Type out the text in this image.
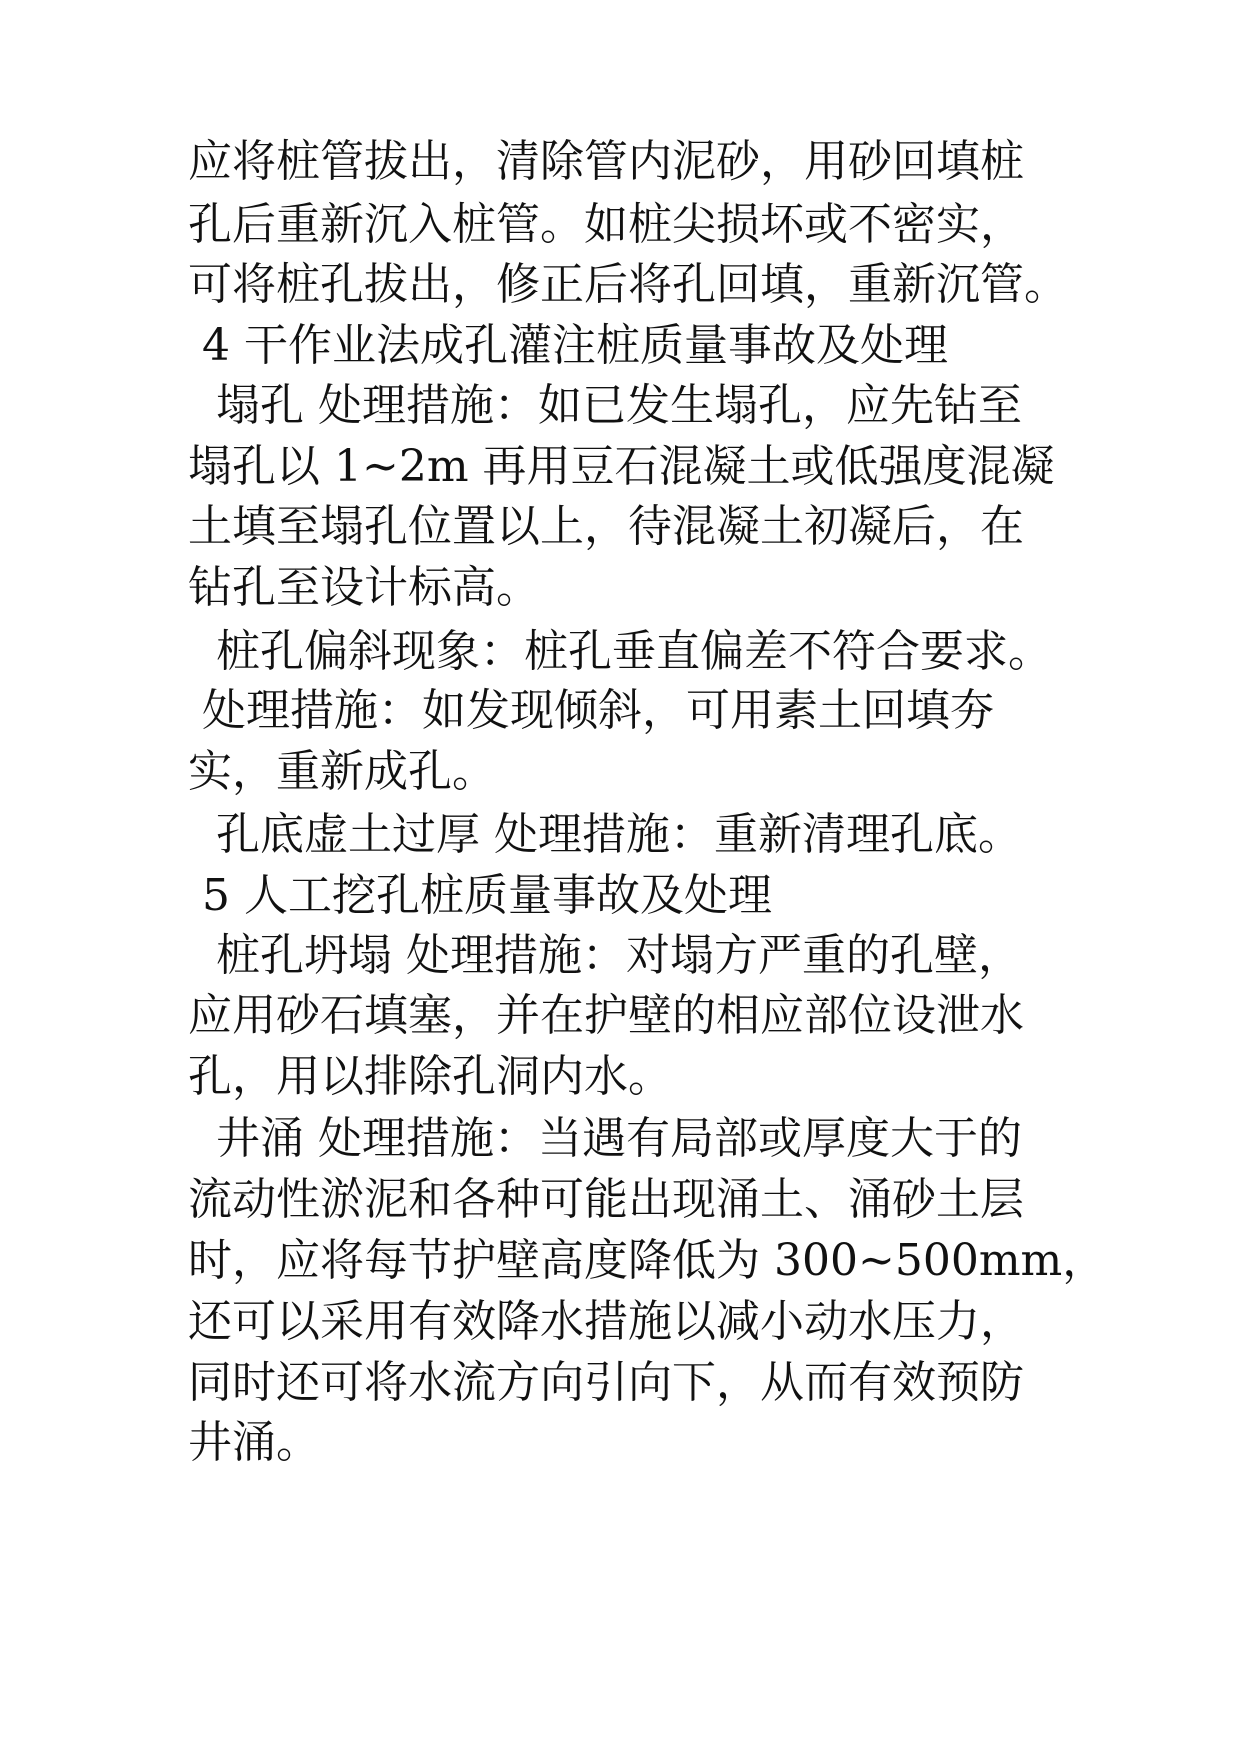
应将桩管拔出，清除管内泥砂，用砂回填桩
孔后重新沉入桩管。如桩尖损坏或不密实，
可将桩孔拔出，修正后将孔回填，重新沉管。
4 干作业法成孔灌注桩质量事故及处理
塌孔 处理措施：如已发生塌孔，应先钻至
塌孔以 1~2m 再用豆石混凝土或低强度混凝
土填至塌孔位置以上，待混凝土初凝后，在
钻孔至设计标高。
桩孔偏斜现象：桩孔垂直偏差不符合要求。
处理措施：如发现倾斜，可用素土回填夯
实，重新成孔。
孔底虚土过厚 处理措施：重新清理孔底。
5 人工挖孔桩质量事故及处理
桩孔坍塌 处理措施：对塌方严重的孔壁，
应用砂石填塞，并在护壁的相应部位设泄水
孔，用以排除孔洞内水。
井涌 处理措施：当遇有局部或厚度大于的
流动性淤泥和各种可能出现涌土、涌砂土层
时，应将每节护壁高度降低为 300~500mm，
还可以采用有效降水措施以减小动水压力，
同时还可将水流方向引向下，从而有效预防
井涌。
